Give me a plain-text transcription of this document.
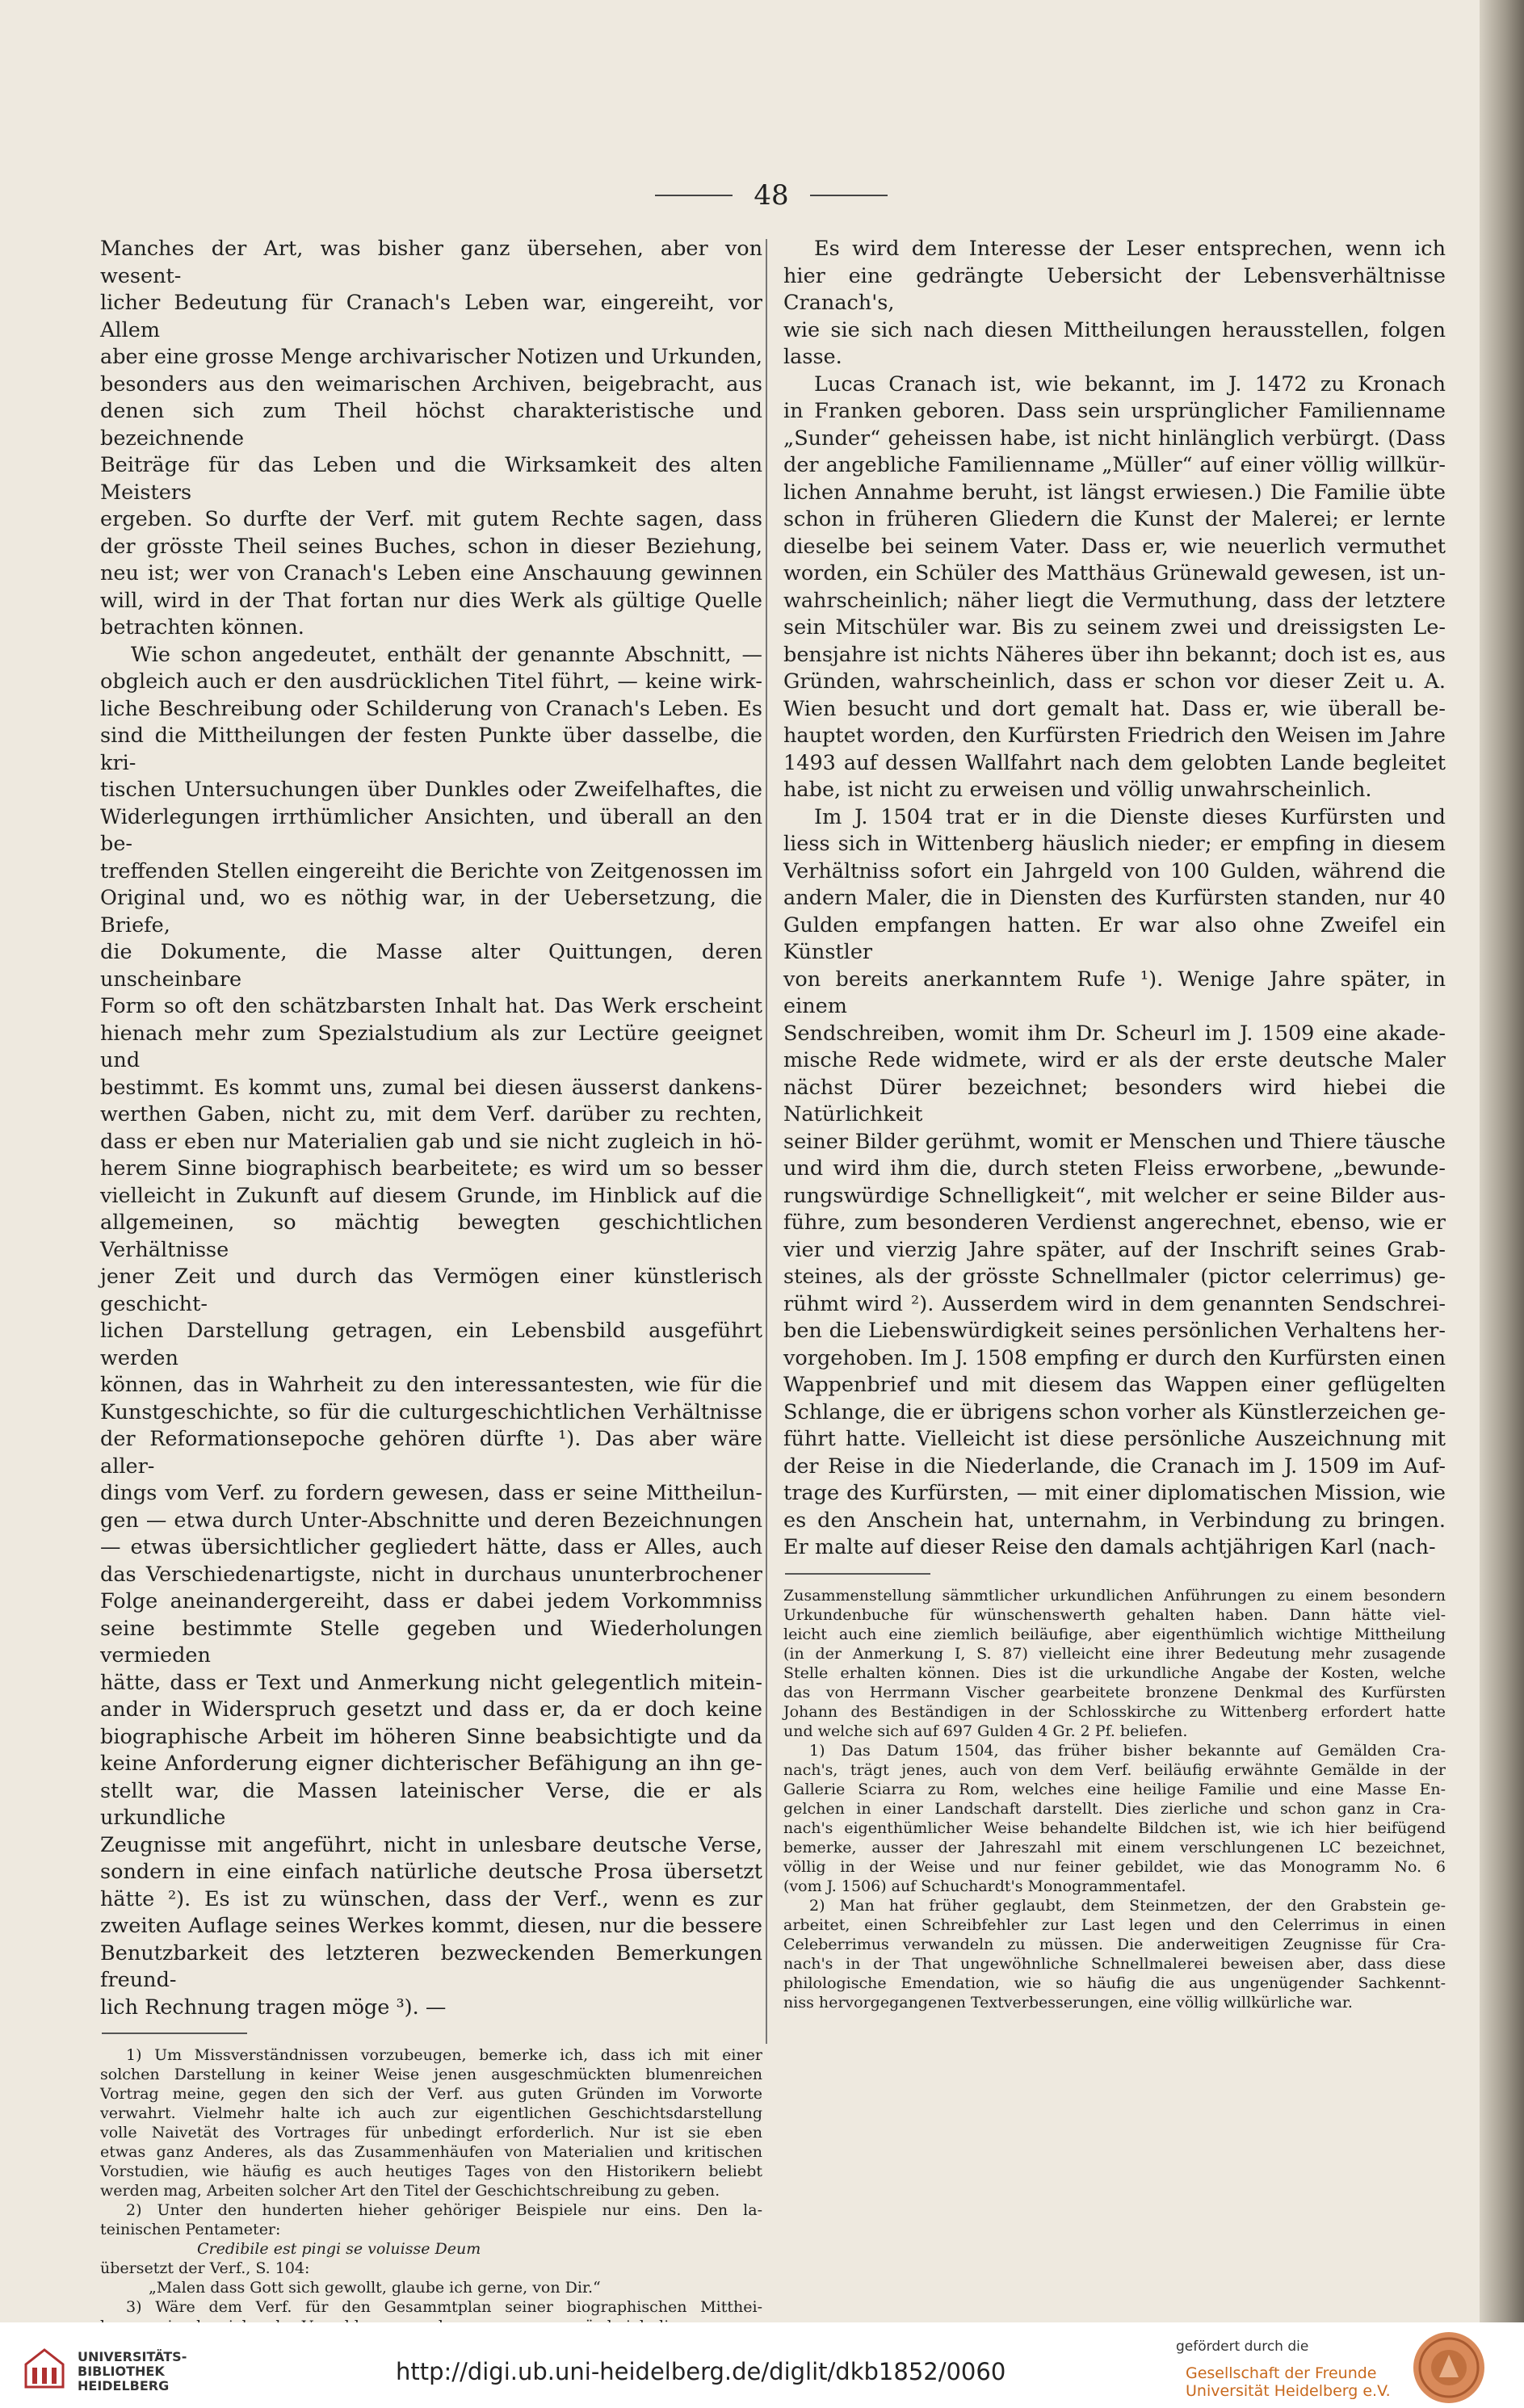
48

Manches der Art, was bisher ganz übersehen, aber von wesent-
licher Bedeutung für Cranach's Leben war, eingereiht, vor Allem
aber eine grosse Menge archivarischer Notizen und Urkunden,
besonders aus den weimarischen Archiven, beigebracht, aus
denen sich zum Theil höchst charakteristische und bezeichnende
Beiträge für das Leben und die Wirksamkeit des alten Meisters
ergeben. So durfte der Verf. mit gutem Rechte sagen, dass
der grösste Theil seines Buches, schon in dieser Beziehung,
neu ist; wer von Cranach's Leben eine Anschauung gewinnen
will, wird in der That fortan nur dies Werk als gültige Quelle
betrachten können.

Wie schon angedeutet, enthält der genannte Abschnitt, —
obgleich auch er den ausdrücklichen Titel führt, — keine wirk-
liche Beschreibung oder Schilderung von Cranach's Leben. Es
sind die Mittheilungen der festen Punkte über dasselbe, die kri-
tischen Untersuchungen über Dunkles oder Zweifelhaftes, die
Widerlegungen irrthümlicher Ansichten, und überall an den be-
treffenden Stellen eingereiht die Berichte von Zeitgenossen im
Original und, wo es nöthig war, in der Uebersetzung, die Briefe,
die Dokumente, die Masse alter Quittungen, deren unscheinbare
Form so oft den schätzbarsten Inhalt hat. Das Werk erscheint
hienach mehr zum Spezialstudium als zur Lectüre geeignet und
bestimmt. Es kommt uns, zumal bei diesen äusserst dankens-
werthen Gaben, nicht zu, mit dem Verf. darüber zu rechten,
dass er eben nur Materialien gab und sie nicht zugleich in hö-
herem Sinne biographisch bearbeitete; es wird um so besser
vielleicht in Zukunft auf diesem Grunde, im Hinblick auf die
allgemeinen, so mächtig bewegten geschichtlichen Verhältnisse
jener Zeit und durch das Vermögen einer künstlerisch geschicht-
lichen Darstellung getragen, ein Lebensbild ausgeführt werden
können, das in Wahrheit zu den interessantesten, wie für die
Kunstgeschichte, so für die culturgeschichtlichen Verhältnisse
der Reformationsepoche gehören dürfte ¹). Das aber wäre aller-
dings vom Verf. zu fordern gewesen, dass er seine Mittheilun-
gen — etwa durch Unter-Abschnitte und deren Bezeichnungen
— etwas übersichtlicher gegliedert hätte, dass er Alles, auch
das Verschiedenartigste, nicht in durchaus ununterbrochener
Folge aneinandergereiht, dass er dabei jedem Vorkommniss
seine bestimmte Stelle gegeben und Wiederholungen vermieden
hätte, dass er Text und Anmerkung nicht gelegentlich mitein-
ander in Widerspruch gesetzt und dass er, da er doch keine
biographische Arbeit im höheren Sinne beabsichtigte und da
keine Anforderung eigner dichterischer Befähigung an ihn ge-
stellt war, die Massen lateinischer Verse, die er als urkundliche
Zeugnisse mit angeführt, nicht in unlesbare deutsche Verse,
sondern in eine einfach natürliche deutsche Prosa übersetzt
hätte ²). Es ist zu wünschen, dass der Verf., wenn es zur
zweiten Auflage seines Werkes kommt, diesen, nur die bessere
Benutzbarkeit des letzteren bezweckenden Bemerkungen freund-
lich Rechnung tragen möge ³). —

1) Um Missverständnissen vorzubeugen, bemerke ich, dass ich mit einer
solchen Darstellung in keiner Weise jenen ausgeschmückten blumenreichen
Vortrag meine, gegen den sich der Verf. aus guten Gründen im Vorworte
verwahrt. Vielmehr halte ich auch zur eigentlichen Geschichtsdarstellung
volle Naivetät des Vortrages für unbedingt erforderlich. Nur ist sie eben
etwas ganz Anderes, als das Zusammenhäufen von Materialien und kritischen
Vorstudien, wie häufig es auch heutiges Tages von den Historikern beliebt
werden mag, Arbeiten solcher Art den Titel der Geschichtschreibung zu geben.
2) Unter den hunderten hieher gehöriger Beispiele nur eins. Den la-
teinischen Pentameter:
Credibile est pingi se voluisse Deum
übersetzt der Verf., S. 104:
„Malen dass Gott sich gewollt, glaube ich gerne, von Dir.“
3) Wäre dem Verf. für den Gesammtplan seiner biographischen Mitthei-

Es wird dem Interesse der Leser entsprechen, wenn ich
hier eine gedrängte Uebersicht der Lebensverhältnisse Cranach's,
wie sie sich nach diesen Mittheilungen herausstellen, folgen lasse.

Lucas Cranach ist, wie bekannt, im J. 1472 zu Kronach
in Franken geboren. Dass sein ursprünglicher Familienname
„Sunder“ geheissen habe, ist nicht hinlänglich verbürgt. (Dass
der angebliche Familienname „Müller“ auf einer völlig willkür-
lichen Annahme beruht, ist längst erwiesen.) Die Familie übte
schon in früheren Gliedern die Kunst der Malerei; er lernte
dieselbe bei seinem Vater. Dass er, wie neuerlich vermuthet
worden, ein Schüler des Matthäus Grünewald gewesen, ist un-
wahrscheinlich; näher liegt die Vermuthung, dass der letztere
sein Mitschüler war. Bis zu seinem zwei und dreissigsten Le-
bensjahre ist nichts Näheres über ihn bekannt; doch ist es, aus
Gründen, wahrscheinlich, dass er schon vor dieser Zeit u. A.
Wien besucht und dort gemalt hat. Dass er, wie überall be-
hauptet worden, den Kurfürsten Friedrich den Weisen im Jahre
1493 auf dessen Wallfahrt nach dem gelobten Lande begleitet
habe, ist nicht zu erweisen und völlig unwahrscheinlich.

Im J. 1504 trat er in die Dienste dieses Kurfürsten und
liess sich in Wittenberg häuslich nieder; er empfing in diesem
Verhältniss sofort ein Jahrgeld von 100 Gulden, während die
andern Maler, die in Diensten des Kurfürsten standen, nur 40
Gulden empfangen hatten. Er war also ohne Zweifel ein Künstler
von bereits anerkanntem Rufe ¹). Wenige Jahre später, in einem
Sendschreiben, womit ihm Dr. Scheurl im J. 1509 eine akade-
mische Rede widmete, wird er als der erste deutsche Maler
nächst Dürer bezeichnet; besonders wird hiebei die Natürlichkeit
seiner Bilder gerühmt, womit er Menschen und Thiere täusche
und wird ihm die, durch steten Fleiss erworbene, „bewunde-
rungswürdige Schnelligkeit“, mit welcher er seine Bilder aus-
führe, zum besonderen Verdienst angerechnet, ebenso, wie er
vier und vierzig Jahre später, auf der Inschrift seines Grab-
steines, als der grösste Schnellmaler (pictor celerrimus) ge-
rühmt wird ²). Ausserdem wird in dem genannten Sendschrei-
ben die Liebenswürdigkeit seines persönlichen Verhaltens her-
vorgehoben. Im J. 1508 empfing er durch den Kurfürsten einen
Wappenbrief und mit diesem das Wappen einer geflügelten
Schlange, die er übrigens schon vorher als Künstlerzeichen ge-
führt hatte. Vielleicht ist diese persönliche Auszeichnung mit
der Reise in die Niederlande, die Cranach im J. 1509 im Auf-
trage des Kurfürsten, — mit einer diplomatischen Mission, wie
es den Anschein hat, unternahm, in Verbindung zu bringen.
Er malte auf dieser Reise den damals achtjährigen Karl (nach-

Zusammenstellung sämmtlicher urkundlichen Anführungen zu einem besondern
Urkundenbuche für wünschenswerth gehalten haben. Dann hätte viel-
leicht auch eine ziemlich beiläufige, aber eigenthümlich wichtige Mittheilung
(in der Anmerkung I, S. 87) vielleicht eine ihrer Bedeutung mehr zusagende
Stelle erhalten können. Dies ist die urkundliche Angabe der Kosten, welche
das von Herrmann Vischer gearbeitete bronzene Denkmal des Kurfürsten
Johann des Beständigen in der Schlosskirche zu Wittenberg erfordert hatte
und welche sich auf 697 Gulden 4 Gr. 2 Pf. beliefen.
1) Das Datum 1504, das früher bisher bekannte auf Gemälden Cra-
nach's, trägt jenes, auch von dem Verf. beiläufig erwähnte Gemälde in der
Gallerie Sciarra zu Rom, welches eine heilige Familie und eine Masse En-
gelchen in einer Landschaft darstellt. Dies zierliche und schon ganz in Cra-
nach's eigenthümlicher Weise behandelte Bildchen ist, wie ich hier beifügend
bemerke, ausser der Jahreszahl mit einem verschlungenen LC bezeichnet,
völlig in der Weise und nur feiner gebildet, wie das Monogramm No. 6
(vom J. 1506) auf Schuchardt's Monogrammentafel.
2) Man hat früher geglaubt, dem Steinmetzen, der den Grabstein ge-
arbeitet, einen Schreibfehler zur Last legen und den Celerrimus in einen
Celeberrimus verwandeln zu müssen. Die anderweitigen Zeugnisse für Cra-
nach's in der That ungewöhnliche Schnellmalerei beweisen aber, dass diese
philologische Emendation, wie so häufig die aus ungenügender Sachkennt-
niss hervorgegangenen Textverbesserungen, eine völlig willkürliche war.
UNIVERSITÄTS-
BIBLIOTHEK
HEIDELBERG
http://digi.ub.uni-heidelberg.de/diglit/dkb1852/0060
gefördert durch die
Gesellschaft der Freunde
Universität Heidelberg e.V.
